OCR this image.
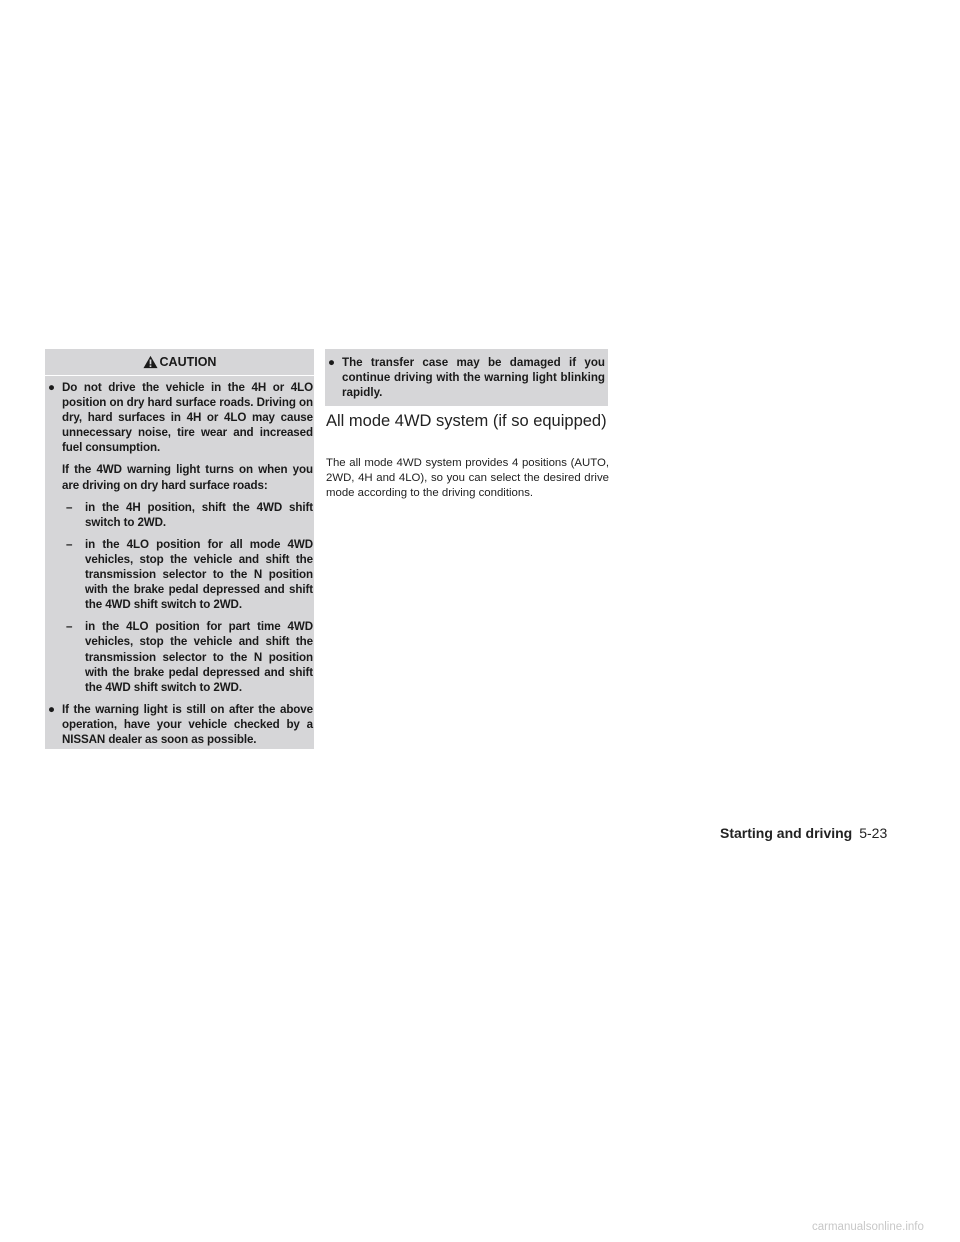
CAUTION

● Do not drive the vehicle in the 4H or 4LO position on dry hard surface roads. Driving on dry, hard surfaces in 4H or 4LO may cause unnecessary noise, tire wear and increased fuel consumption.

If the 4WD warning light turns on when you are driving on dry hard surface roads:

– in the 4H position, shift the 4WD shift switch to 2WD.

– in the 4LO position for all mode 4WD vehicles, stop the vehicle and shift the transmission selector to the N position with the brake pedal depressed and shift the 4WD shift switch to 2WD.

– in the 4LO position for part time 4WD vehicles, stop the vehicle and shift the transmission selector to the N position with the brake pedal depressed and shift the 4WD shift switch to 2WD.

● If the warning light is still on after the above operation, have your vehicle checked by a NISSAN dealer as soon as possible.

● The transfer case may be damaged if you continue driving with the warning light blinking rapidly.

All mode 4WD system (if so equipped)
The all mode 4WD system provides 4 positions (AUTO, 2WD, 4H and 4LO), so you can select the desired drive mode according to the driving conditions.
Starting and driving 5-23
carmanualsonline.info
